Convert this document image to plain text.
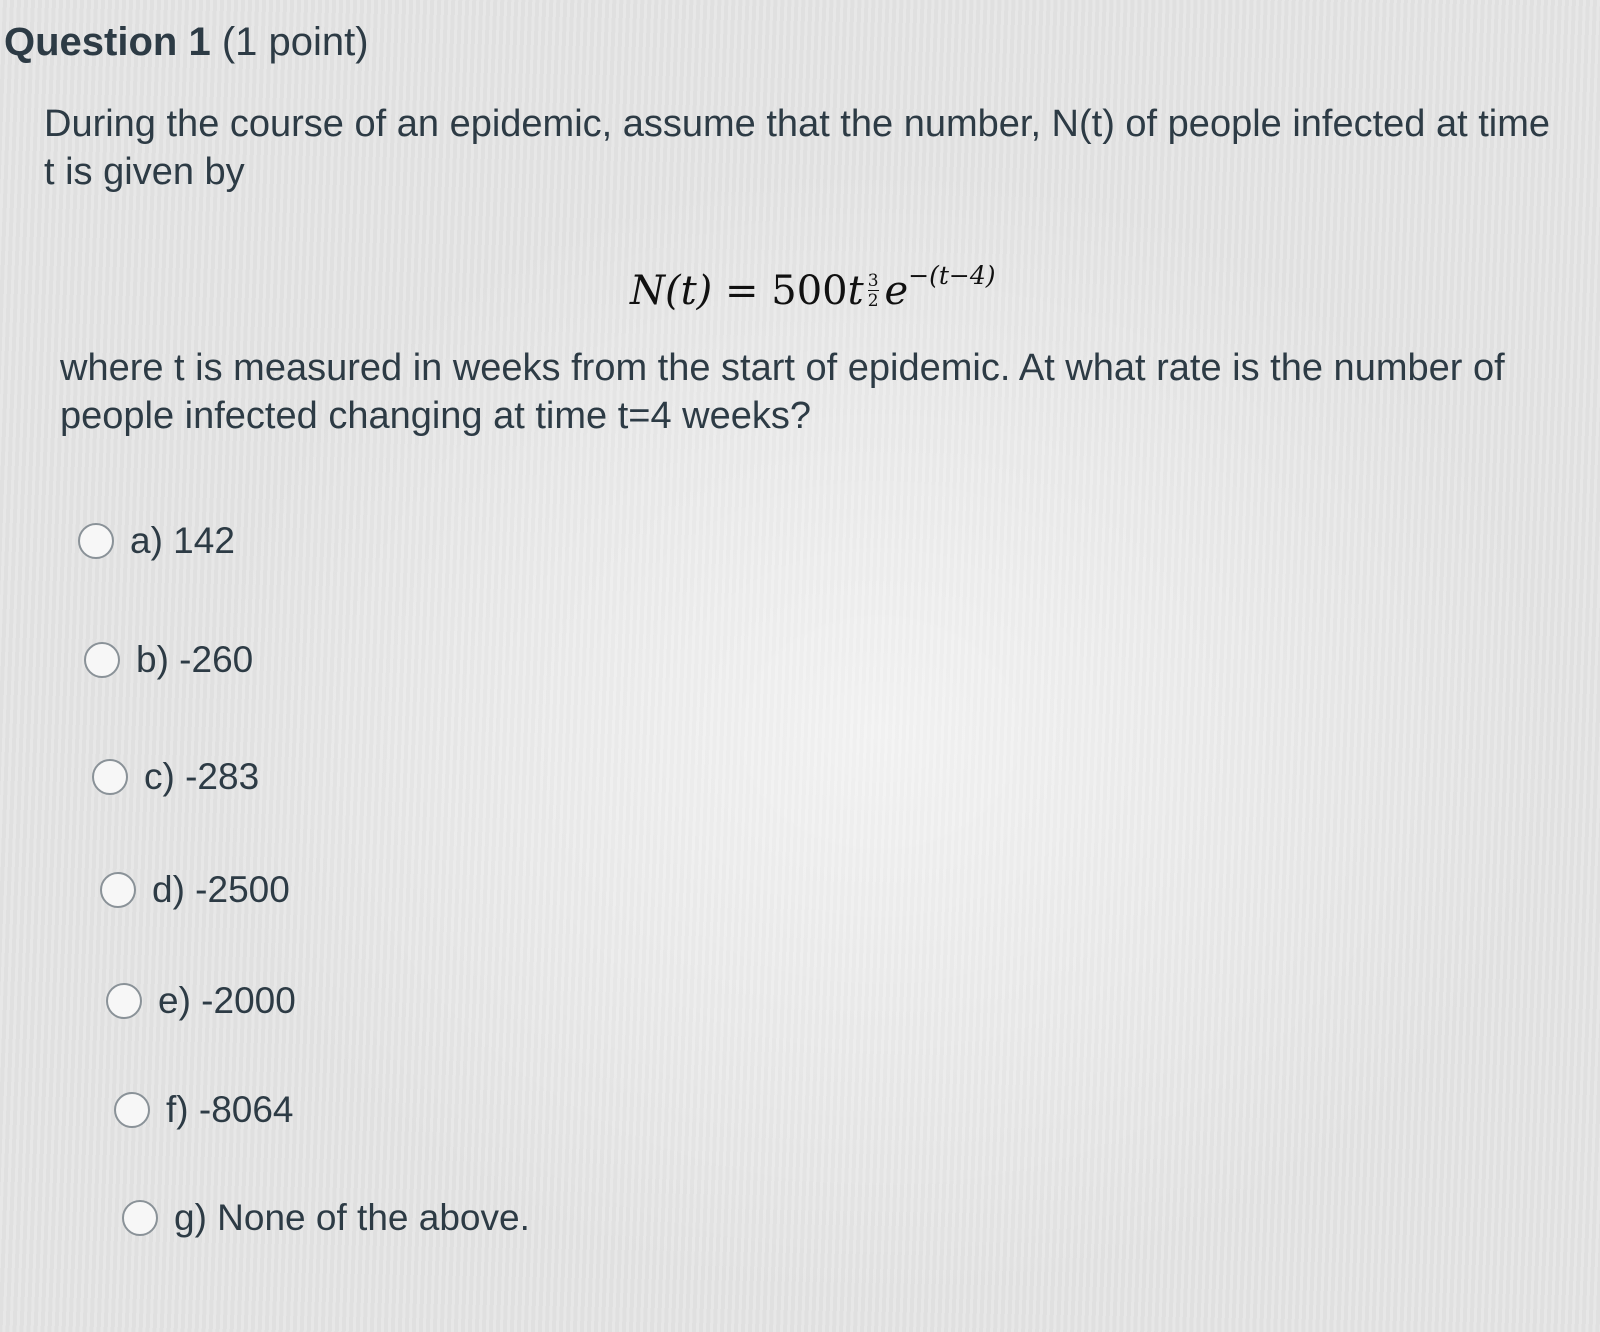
Question 1 (1 point)
During the course of an epidemic, assume that the number, N(t) of people infected at time t is given by
$N(t) = 500t \frac{3}{2} e^{-(t-4)}$
where t is measured in weeks from the start of epidemic. At what rate is the number of people infected changing at time t=4 weeks?
a) 142
b) -260
c) -283
d) -2500
e) -2000
f) -8064
g) None of the above.
